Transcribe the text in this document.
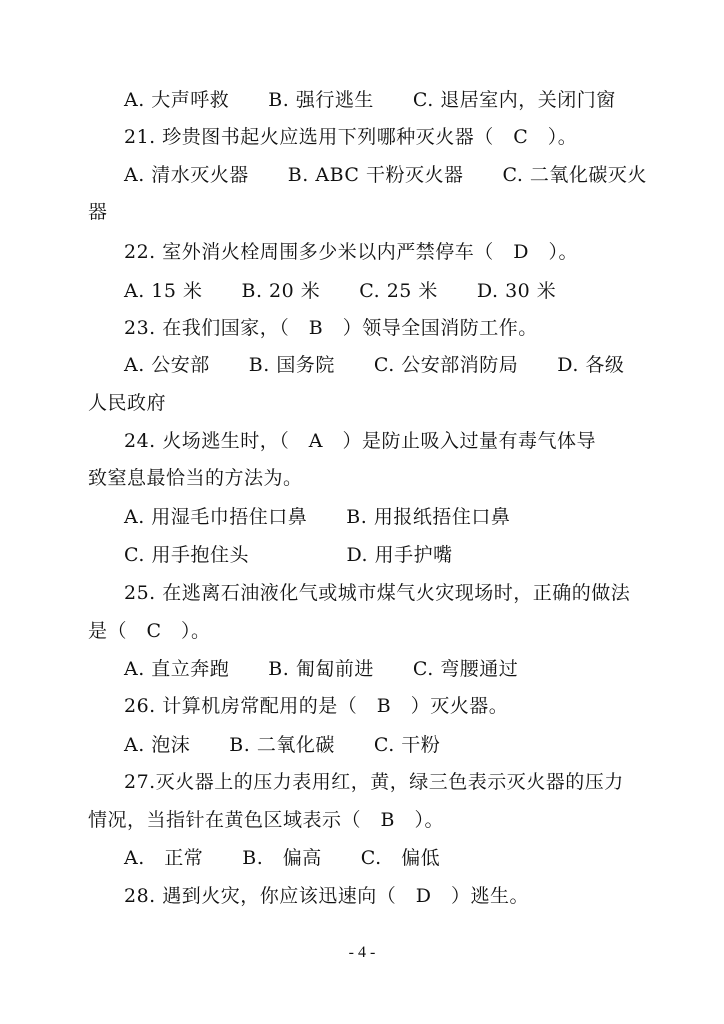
A. 大声呼救　　B. 强行逃生　　C. 退居室内，关闭门窗
21. 珍贵图书起火应选用下列哪种灭火器（　C　）。
A. 清水灭火器　　B. ABC 干粉灭火器　　C. 二氧化碳灭火
器
22. 室外消火栓周围多少米以内严禁停车（　D　）。
A. 15 米　　B. 20 米　　C. 25 米　　D. 30 米
23. 在我们国家，（　B　）领导全国消防工作。
A. 公安部　　B. 国务院　　C. 公安部消防局　　D. 各级
人民政府
24. 火场逃生时，（　A　）是防止吸入过量有毒气体导
致窒息最恰当的方法为。
A. 用湿毛巾捂住口鼻　　B. 用报纸捂住口鼻
C. 用手抱住头　　　　　D. 用手护嘴
25. 在逃离石油液化气或城市煤气火灾现场时，正确的做法
是（　C　）。
A. 直立奔跑　　B. 匍匐前进　　C. 弯腰通过
26. 计算机房常配用的是（　B　）灭火器。
A. 泡沫　　B. 二氧化碳　　C. 干粉
27.灭火器上的压力表用红，黄，绿三色表示灭火器的压力
情况，当指针在黄色区域表示（　B　）。
A.　正常　　B.　偏高　　C.　偏低
28. 遇到火灾，你应该迅速向（　D　）逃生。
- 4 -
